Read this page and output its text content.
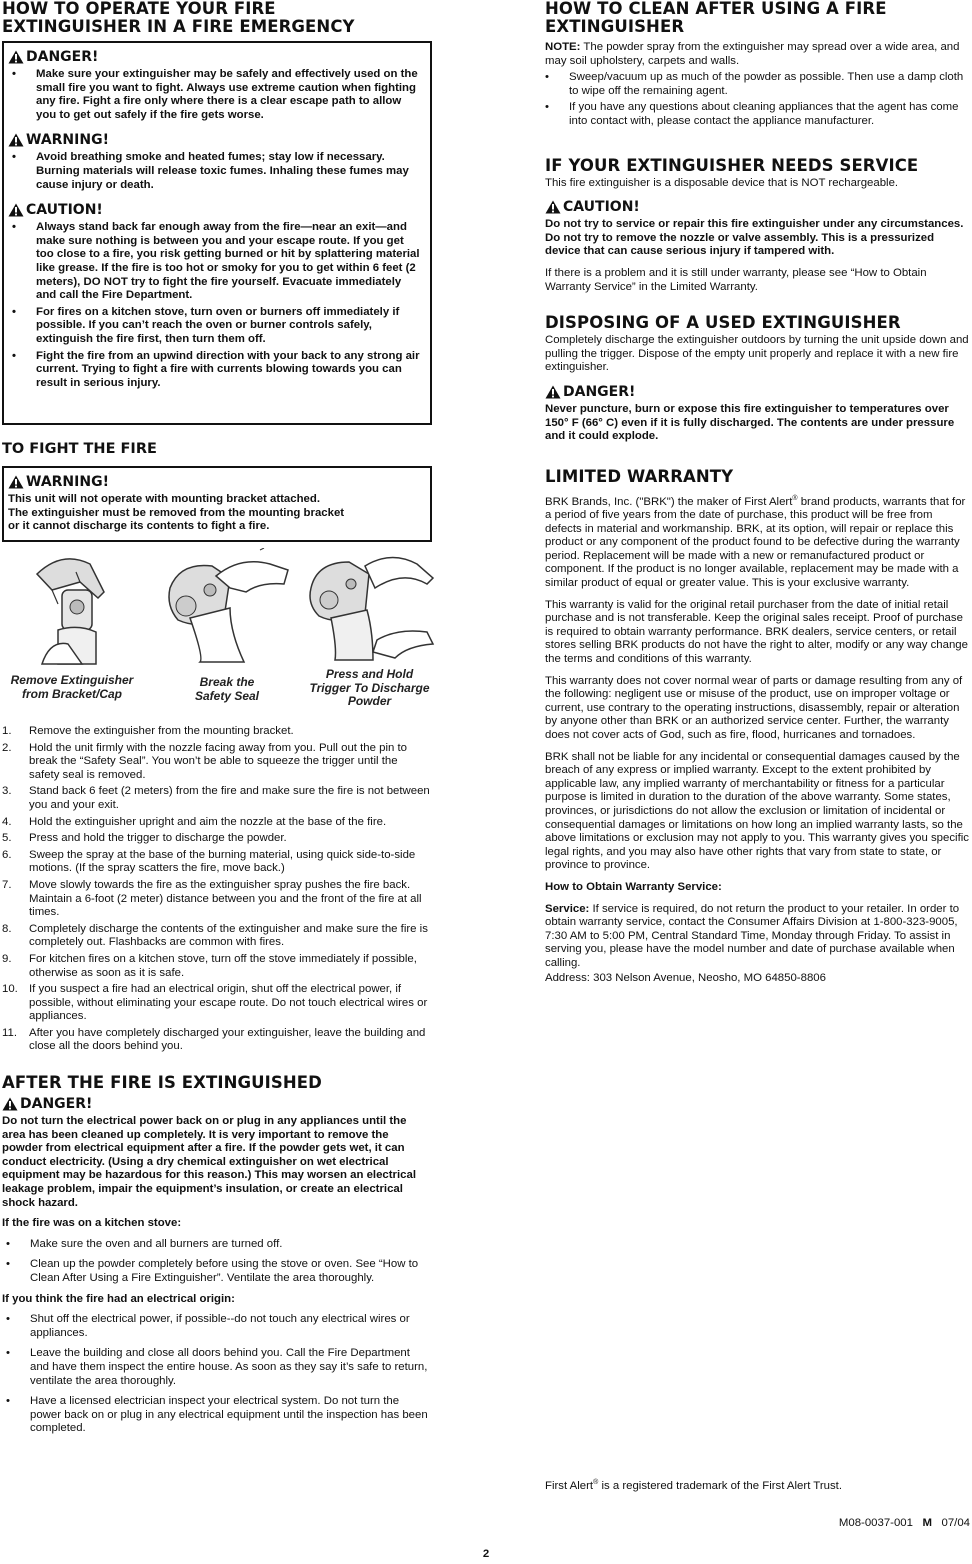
HOW TO OPERATE YOUR FIRE EXTINGUISHER IN A FIRE EMERGENCY
DANGER!
•	Make sure your extinguisher may be safely and effectively used on the small fire you want to fight. Always use extreme caution when fighting any fire. Fight a fire only where there is a clear escape path to allow you to get out safely if the fire gets worse.
WARNING!
•	Avoid breathing smoke and heated fumes; stay low if necessary. Burning materials will release toxic fumes. Inhaling these fumes may cause injury or death.
CAUTION!
•	Always stand back far enough away from the fire—near an exit—and make sure nothing is between you and your escape route. If you get too close to a fire, you risk getting burned or hit by splattering material like grease. If the fire is too hot or smoky for you to get within 6 feet (2 meters), DO NOT try to fight the fire yourself. Evacuate immediately and call the Fire Department.
•	For fires on a kitchen stove, turn oven or burners off immediately if possible. If you can’t reach the oven or burner controls safely, extinguish the fire first, then turn them off.
•	Fight the fire from an upwind direction with your back to any strong air current. Trying to fight a fire with currents blowing towards you can result in serious injury.
TO FIGHT THE FIRE
WARNING!
This unit will not operate with mounting bracket attached.
The extinguisher must be removed from the mounting bracket
or it cannot discharge its contents to fight a fire.
Remove Extinguisher from Bracket/Cap
Break the Safety Seal
Press and Hold Trigger To Discharge Powder
1.	Remove the extinguisher from the mounting bracket.
2.	Hold the unit firmly with the nozzle facing away from you. Pull out the pin to break the “Safety Seal”. You won’t be able to squeeze the trigger until the safety seal is removed.
3.	Stand back 6 feet (2 meters) from the fire and make sure the fire is not between you and your exit.
4.	Hold the extinguisher upright and aim the nozzle at the base of the fire.
5.	Press and hold the trigger to discharge the powder.
6.	Sweep the spray at the base of the burning material, using quick side-to-side motions. (If the spray scatters the fire, move back.)
7.	Move slowly towards the fire as the extinguisher spray pushes the fire back. Maintain a 6-foot (2 meter) distance between you and the front of the fire at all times.
8.	Completely discharge the contents of the extinguisher and make sure the fire is completely out. Flashbacks are common with fires.
9.	For kitchen fires on a kitchen stove, turn off the stove immediately if possible, otherwise as soon as it is safe.
10. If you suspect a fire had an electrical origin, shut off the electrical power, if possible, without eliminating your escape route. Do not touch electrical wires or appliances.
11.	After you have completely discharged your extinguisher, leave the building and close all the doors behind you.
AFTER THE FIRE IS EXTINGUISHED
DANGER!
Do not turn the electrical power back on or plug in any appliances until the area has been cleaned up completely. It is very important to remove the powder from electrical equipment after a fire. If the powder gets wet, it can conduct electricity. (Using a dry chemical extinguisher on wet electrical equipment may be hazardous for this reason.) This may worsen an electrical leakage problem, impair the equipment’s insulation, or create an electrical shock hazard.
If the fire was on a kitchen stove:
•	Make sure the oven and all burners are turned off.
•	Clean up the powder completely before using the stove or oven. See “How to Clean After Using a Fire Extinguisher”. Ventilate the area thoroughly.
If you think the fire had an electrical origin:
•	Shut off the electrical power, if possible--do not touch any electrical wires or appliances.
•	Leave the building and close all doors behind you. Call the Fire Department and have them inspect the entire house. As soon as they say it’s safe to return, ventilate the area thoroughly.
•	Have a licensed electrician inspect your electrical system. Do not turn the power back on or plug in any electrical equipment until the inspection has been completed.
HOW TO CLEAN AFTER USING A FIRE EXTINGUISHER
NOTE: The powder spray from the extinguisher may spread over a wide area, and may soil upholstery, carpets and walls.
•	Sweep/vacuum up as much of the powder as possible. Then use a damp cloth to wipe off the remaining agent.
•	If you have any questions about cleaning appliances that the agent has come into contact with, please contact the appliance manufacturer.
IF YOUR EXTINGUISHER NEEDS SERVICE
This fire extinguisher is a disposable device that is NOT rechargeable.
CAUTION!
Do not try to service or repair this fire extinguisher under any circumstances. Do not try to remove the nozzle or valve assembly. This is a pressurized device that can cause serious injury if tampered with.
If there is a problem and it is still under warranty, please see “How to Obtain Warranty Service” in the Limited Warranty.
DISPOSING OF A USED EXTINGUISHER
Completely discharge the extinguisher outdoors by turning the unit upside down and pulling the trigger. Dispose of the empty unit properly and replace it with a new fire extinguisher.
DANGER!
Never puncture, burn or expose this fire extinguisher to temperatures over 150° F (66° C) even if it is fully discharged. The contents are under pressure and it could explode.
LIMITED WARRANTY
BRK Brands, Inc. ("BRK") the maker of First Alert® brand products, warrants that for a period of five years from the date of purchase, this product will be free from defects in material and workmanship. BRK, at its option, will repair or replace this product or any component of the product found to be defective during the warranty period. Replacement will be made with a new or remanufactured product or component. If the product is no longer available, replacement may be made with a similar product of equal or greater value. This is your exclusive warranty.
This warranty is valid for the original retail purchaser from the date of initial retail purchase and is not transferable. Keep the original sales receipt. Proof of purchase is required to obtain warranty performance. BRK dealers, service centers, or retail stores selling BRK products do not have the right to alter, modify or any way change the terms and conditions of this warranty.
This warranty does not cover normal wear of parts or damage resulting from any of the following: negligent use or misuse of the product, use on improper voltage or current, use contrary to the operating instructions, disassembly, repair or alteration by anyone other than BRK or an authorized service center. Further, the warranty does not cover acts of God, such as fire, flood, hurricanes and tornadoes.
BRK shall not be liable for any incidental or consequential damages caused by the breach of any express or implied warranty. Except to the extent prohibited by applicable law, any implied warranty of merchantability or fitness for a particular purpose is limited in duration to the duration of the above warranty. Some states, provinces, or jurisdictions do not allow the exclusion or limitation of incidental or consequential damages or limitations on how long an implied warranty lasts, so the above limitations or exclusion may not apply to you. This warranty gives you specific legal rights, and you may also have other rights that vary from state to state, or province to province.
How to Obtain Warranty Service:
Service: If service is required, do not return the product to your retailer. In order to obtain warranty service, contact the Consumer Affairs Division at 1-800-323-9005, 7:30 AM to 5:00 PM, Central Standard Time, Monday through Friday. To assist in serving you, please have the model number and date of purchase available when calling.
Address: 303 Nelson Avenue, Neosho, MO 64850-8806
First Alert® is a registered trademark of the First Alert Trust.
M08-0037-001 M 07/04
2
